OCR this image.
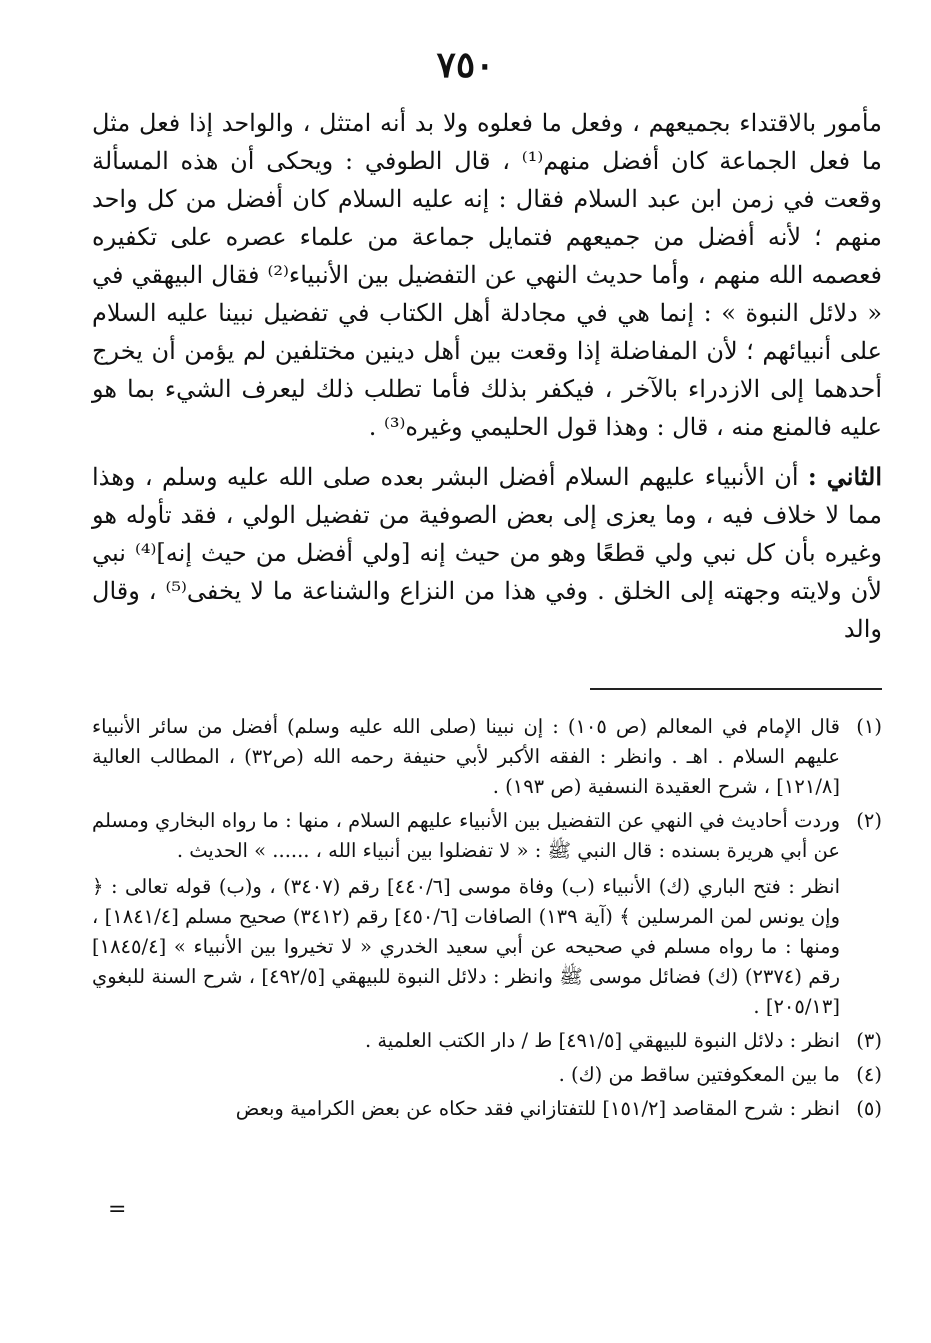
٧٥٠

مأمور بالاقتداء بجميعهم ، وفعل ما فعلوه ولا بد أنه امتثل ، والواحد إذا فعل مثل ما فعل الجماعة كان أفضل منهم⁽¹⁾ ، قال الطوفي : ويحكى أن هذه المسألة وقعت في زمن ابن عبد السلام فقال : إنه عليه السلام كان أفضل من كل واحد منهم ؛ لأنه أفضل من جميعهم فتمايل جماعة من علماء عصره على تكفيره فعصمه الله منهم ، وأما حديث النهي عن التفضيل بين الأنبياء⁽²⁾ فقال البيهقي في « دلائل النبوة » : إنما هي في مجادلة أهل الكتاب في تفضيل نبينا عليه السلام على أنبيائهم ؛ لأن المفاضلة إذا وقعت بين أهل دينين مختلفين لم يؤمن أن يخرج أحدهما إلى الازدراء بالآخر ، فيكفر بذلك فأما تطلب ذلك ليعرف الشيء بما هو عليه فالمنع منه ، قال : وهذا قول الحليمي وغيره⁽³⁾ .

الثاني : أن الأنبياء عليهم السلام أفضل البشر بعده صلى الله عليه وسلم ، وهذا مما لا خلاف فيه ، وما يعزى إلى بعض الصوفية من تفضيل الولي ، فقد تأوله هو وغيره بأن كل نبي ولي قطعًا وهو من حيث إنه [ولي أفضل من حيث إنه]⁽⁴⁾ نبي لأن ولايته وجهته إلى الخلق . وفي هذا من النزاع والشناعة ما لا يخفى⁽⁵⁾ ، وقال والد

(١)

قال الإمام في المعالم (ص ١٠٥) : إن نبينا (صلى الله عليه وسلم) أفضل من سائر الأنبياء عليهم السلام . اهـ . وانظر : الفقه الأكبر لأبي حنيفة رحمه الله (ص٣٢) ، المطالب العالية [١٢١/٨] ، شرح العقيدة النسفية (ص ١٩٣) .

(٢)

وردت أحاديث في النهي عن التفضيل بين الأنبياء عليهم السلام ، منها : ما رواه البخاري ومسلم عن أبي هريرة بسنده : قال النبي ﷺ : « لا تفضلوا بين أنبياء الله ، ...... » الحديث .

انظر : فتح الباري (ك) الأنبياء (ب) وفاة موسى [٤٤٠/٦] رقم (٣٤٠٧) ، و(ب) قوله تعالى : ﴿ وإن يونس لمن المرسلين ﴾ (آية ١٣٩) الصافات [٤٥٠/٦] رقم (٣٤١٢) صحيح مسلم [١٨٤١/٤] ، ومنها : ما رواه مسلم في صحيحه عن أبي سعيد الخدري « لا تخيروا بين الأنبياء » [١٨٤٥/٤] رقم (٢٣٧٤) (ك) فضائل موسى ﷺ وانظر : دلائل النبوة للبيهقي [٤٩٢/٥] ، شرح السنة للبغوي [٢٠٥/١٣] .

(٣)

انظر : دلائل النبوة للبيهقي [٤٩١/٥] ط / دار الكتب العلمية .

(٤)

ما بين المعكوفتين ساقط من (ك) .

(٥)

انظر : شرح المقاصد [١٥١/٢] للتفتازاني فقد حكاه عن بعض الكرامية وبعض

=
